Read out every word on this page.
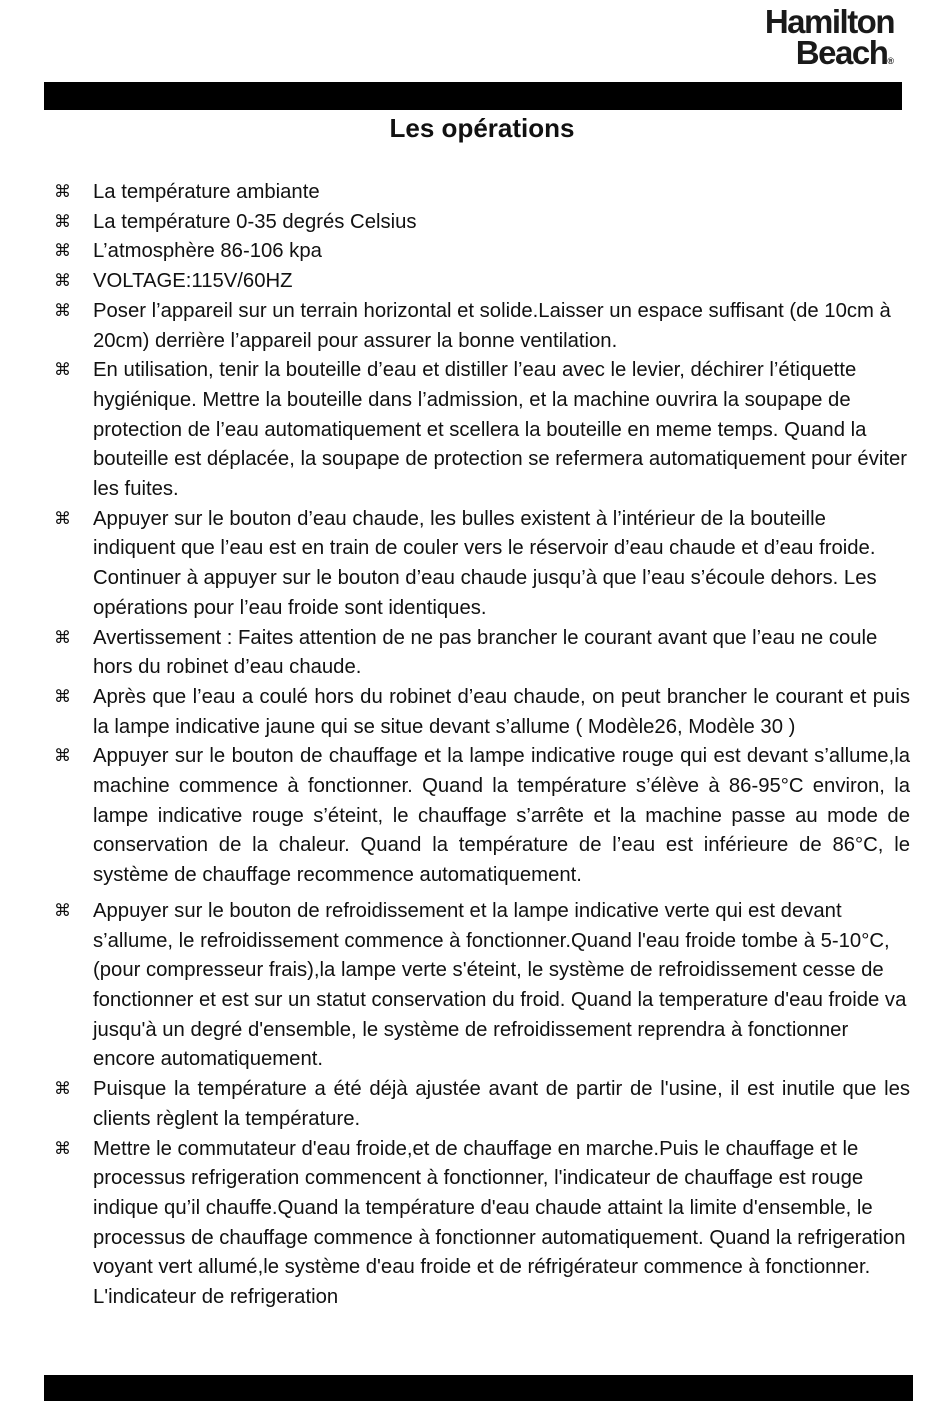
Hamilton
Beach®
Les opérations
⌘ La température ambiante
⌘ La température 0-35 degrés Celsius
⌘ L’atmosphère 86-106 kpa
⌘ VOLTAGE:115V/60HZ
⌘ Poser l’appareil sur un terrain horizontal et solide.Laisser un espace suffisant (de 10cm à 20cm) derrière l’appareil pour assurer la bonne ventilation.
⌘ En utilisation, tenir la bouteille d’eau et distiller l’eau avec le levier, déchirer l’étiquette hygiénique. Mettre la bouteille dans l’admission, et la machine ouvrira la soupape de protection de l’eau automatiquement et scellera la bouteille en meme temps. Quand la bouteille est déplacée, la soupape de protection se refermera automatiquement pour éviter les fuites.
⌘ Appuyer sur le bouton d’eau chaude, les bulles existent à l’intérieur de la bouteille indiquent que l’eau est en train de couler vers le réservoir d’eau chaude et d’eau froide. Continuer à appuyer sur le bouton d’eau chaude jusqu’à que l’eau s’écoule dehors. Les opérations pour l’eau froide sont identiques.
⌘ Avertissement : Faites attention de ne pas brancher le courant avant que l’eau ne coule hors du robinet d’eau chaude.
⌘ Après que l’eau a coulé hors du robinet d’eau chaude, on peut brancher le courant et puis la lampe indicative jaune qui se situe devant s’allume ( Modèle26, Modèle 30 )
⌘ Appuyer sur le bouton de chauffage et la lampe indicative rouge qui est devant s’allume,la machine commence à fonctionner. Quand la température s’élève à 86-95°C environ, la lampe indicative rouge s’éteint, le chauffage s’arrête et la machine passe au mode de conservation de la chaleur. Quand la température de l’eau est inférieure de 86°C, le système de chauffage recommence automatiquement.
⌘ Appuyer sur le bouton de refroidissement et la lampe indicative verte qui est devant s’allume, le refroidissement commence à fonctionner.Quand l'eau froide tombe à 5-10°C, (pour compresseur frais),la lampe verte s'éteint, le système de refroidissement cesse de fonctionner et est sur un statut conservation du froid. Quand la temperature d'eau froide va jusqu'à un degré d'ensemble, le système de refroidissement reprendra à fonctionner encore automatiquement.
⌘ Puisque la température a été déjà ajustée avant de partir de l'usine, il est inutile que les clients règlent la température.
⌘ Mettre le commutateur d'eau froide,et de chauffage en marche.Puis le chauffage et le processus refrigeration commencent à fonctionner, l'indicateur de chauffage est rouge indique qu’il chauffe.Quand la température d'eau chaude attaint la limite d'ensemble, le processus de chauffage commence à fonctionner automatiquement. Quand la refrigeration voyant vert allumé,le système d'eau froide et de réfrigérateur commence à fonctionner. L'indicateur de refrigeration
